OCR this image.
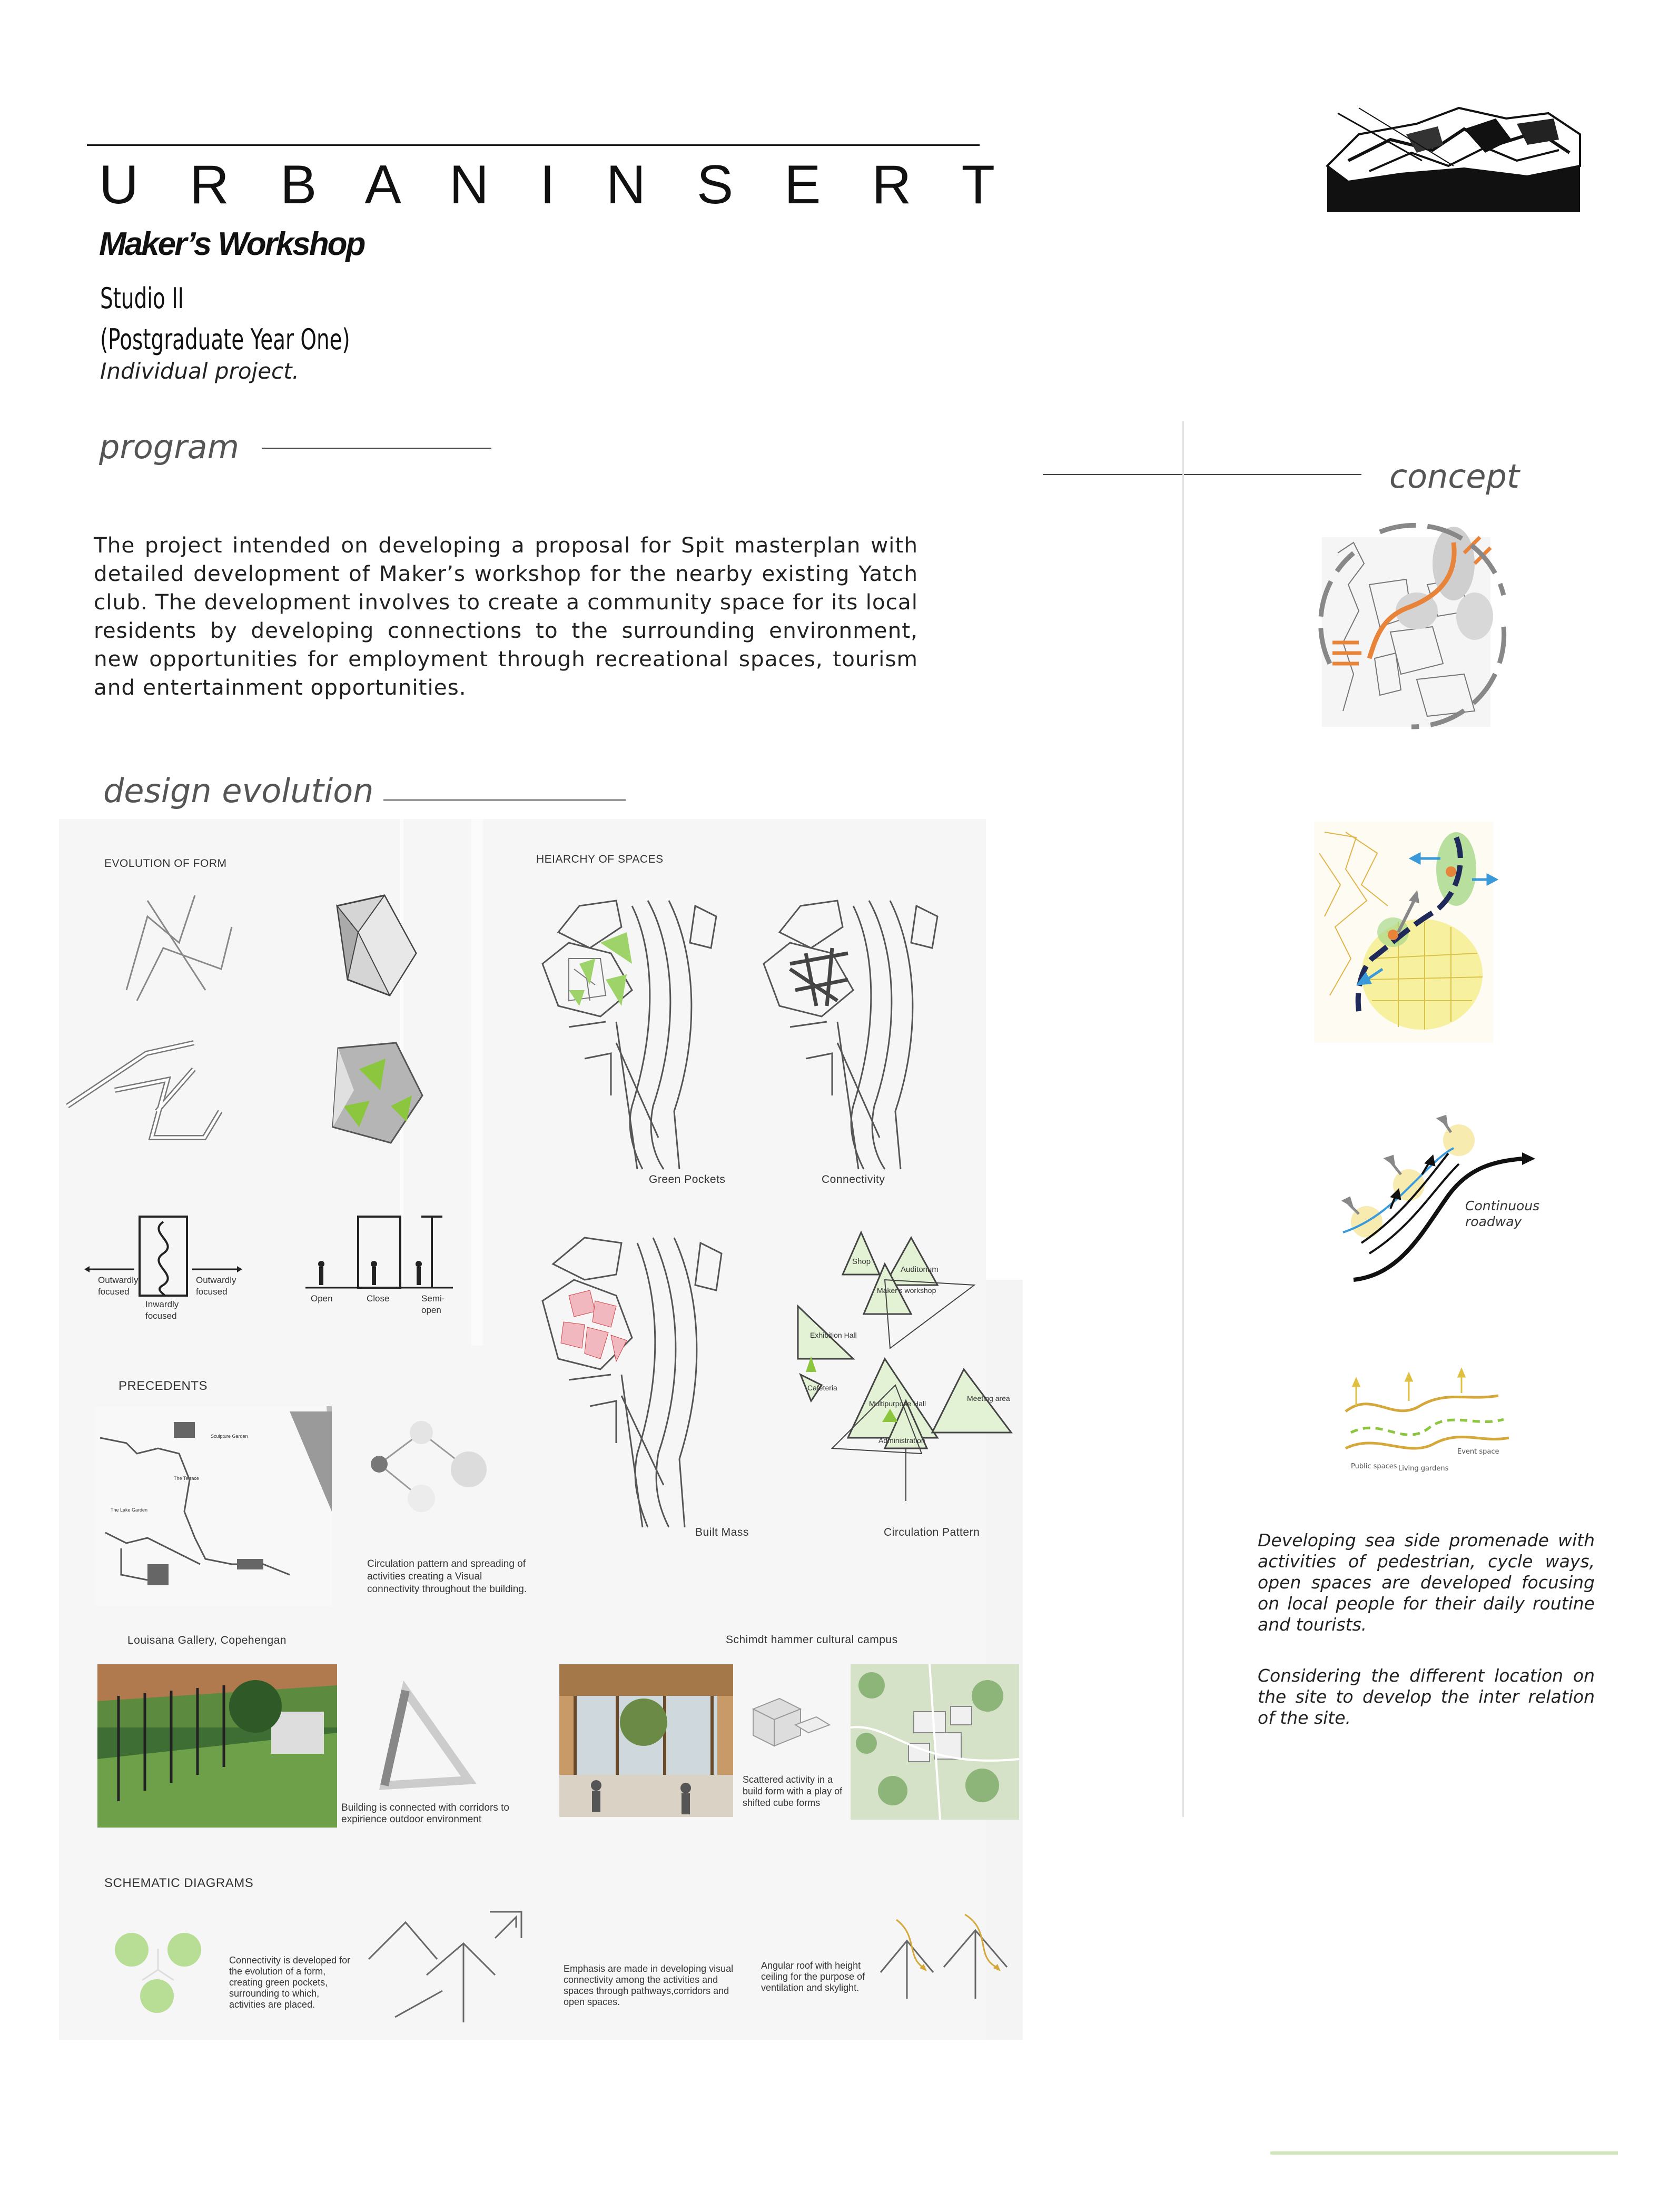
U R B A N I N S E R T
Maker’s Workshop
Studio II
(Postgraduate Year One)
Individual project.
program
The project intended on developing a proposal for Spit masterplan with detailed development of Maker’s workshop for the nearby existing Yatch club. The development involves to create a community space for its local residents by developing connections to the surrounding environment, new opportunities for employment through recreational spaces, tourism and entertainment opportunities.
design evolution
concept
Continuous roadway
Public spaces Living gardens
Event space
Developing sea side promenade with activities of pedestrian, cycle ways, open spaces are developed focusing on local people for their daily routine and tourists.
Considering the different location on the site to develop the inter relation of the site.
EVOLUTION OF FORM	HEIARCHY OF SPACES
Green Pockets	Connectivity
Outwardly focused
Outwardly focused
Inwardly focused
Open	Close	Semi-open
Built Mass
Shop
Auditorium
Maker's workshop
Exhibition Hall
Cafeteria
Multipurpose Hall
Meeting area
Administration
Circulation Pattern
PRECEDENTS
Sculpture Garden
The Terrace
The Lake Garden
Circulation pattern and spreading of activities creating a Visual connectivity throughout the building.
Louisana Gallery, Copehengan	Schimdt hammer cultural campus
Building is connected with corridors to expirience outdoor environment
Scattered activity in a build form with a play of shifted cube forms
SCHEMATIC DIAGRAMS
Connectivity is developed for the evolution of a form, creating green pockets, surrounding to which, activities are placed.
Emphasis are made in developing visual connectivity among the activities and spaces through pathways,corridors and open spaces.
Angular roof with height ceiling for the purpose of ventilation and skylight.
